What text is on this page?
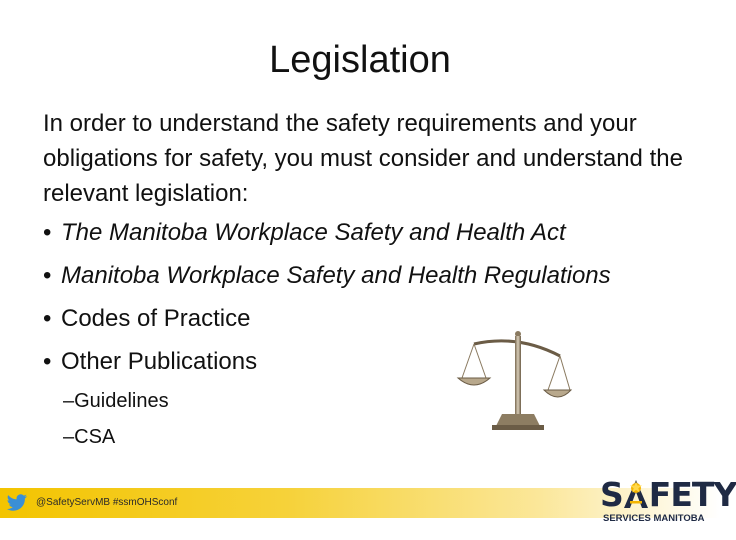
Legislation
In order to understand the safety requirements and your obligations for safety, you must consider and understand the relevant legislation:
• The Manitoba Workplace Safety and Health Act
• Manitoba Workplace Safety and Health Regulations
• Codes of Practice
• Other Publications
–Guidelines
–CSA
@SafetyServMB #ssmOHSconf	S FETY
SERVICES MANITOBA
